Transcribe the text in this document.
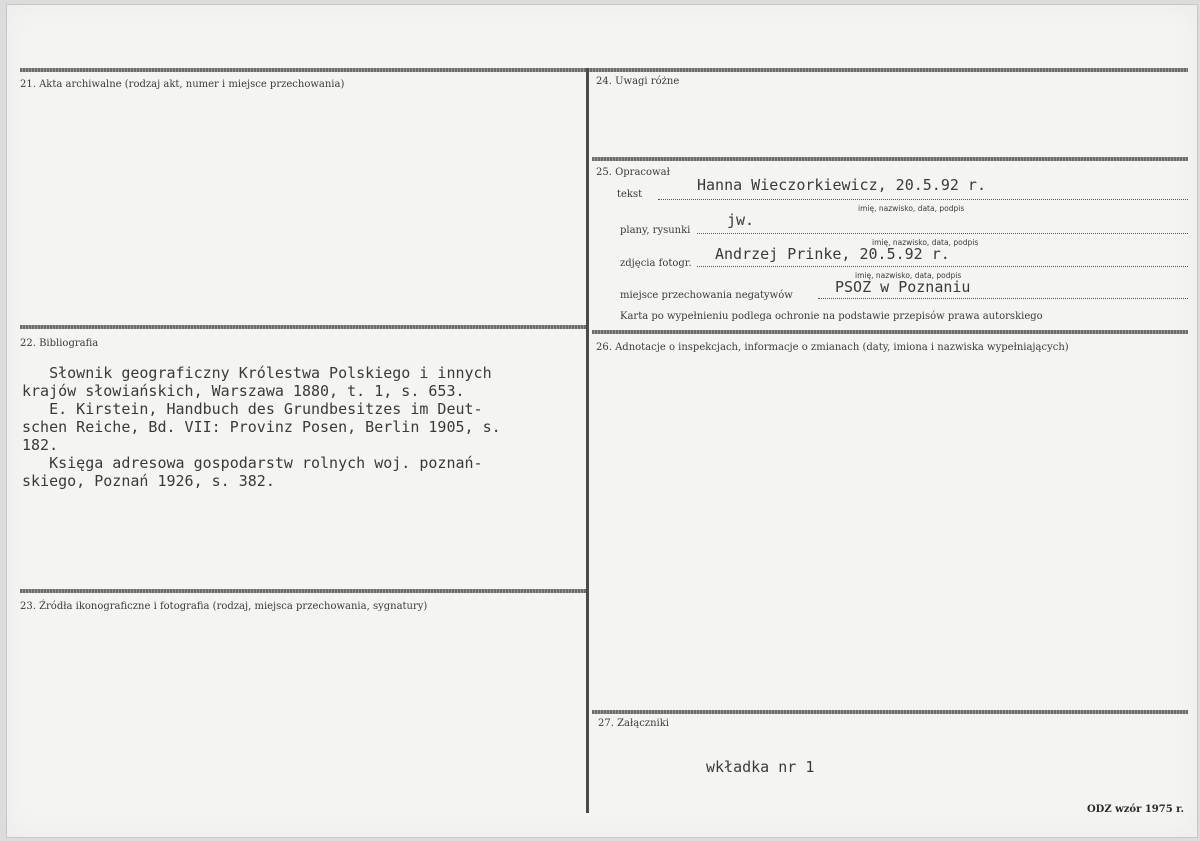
21. Akta archiwalne (rodzaj akt, numer i miejsce przechowania)
22. Bibliografia
Słownik geograficzny Królestwa Polskiego i innych
krajów słowiańskich, Warszawa 1880, t. 1, s. 653.
E. Kirstein, Handbuch des Grundbesitzes im Deut-
schen Reiche, Bd. VII: Provinz Posen, Berlin 1905, s.
182.
Księga adresowa gospodarstw rolnych woj. poznań-
skiego, Poznań 1926, s. 382.
23. Źródła ikonograficzne i fotografia (rodzaj, miejsca przechowania, sygnatury)
24. Uwagi różne
25. Opracował
tekst
Hanna Wieczorkiewicz, 20.5.92 r.
imię, nazwisko, data, podpis
plany, rysunki
jw.
imię, nazwisko, data, podpis
zdjęcia fotogr.
Andrzej Prinke, 20.5.92 r.
imię, nazwisko, data, podpis
miejsce przechowania negatywów	PSOZ w Poznaniu
Karta po wypełnieniu podlega ochronie na podstawie przepisów prawa autorskiego
26. Adnotacje o inspekcjach, informacje o zmianach (daty, imiona i nazwiska wypełniających)
27. Załączniki
wkładka nr 1
ODZ wzór 1975 r.
